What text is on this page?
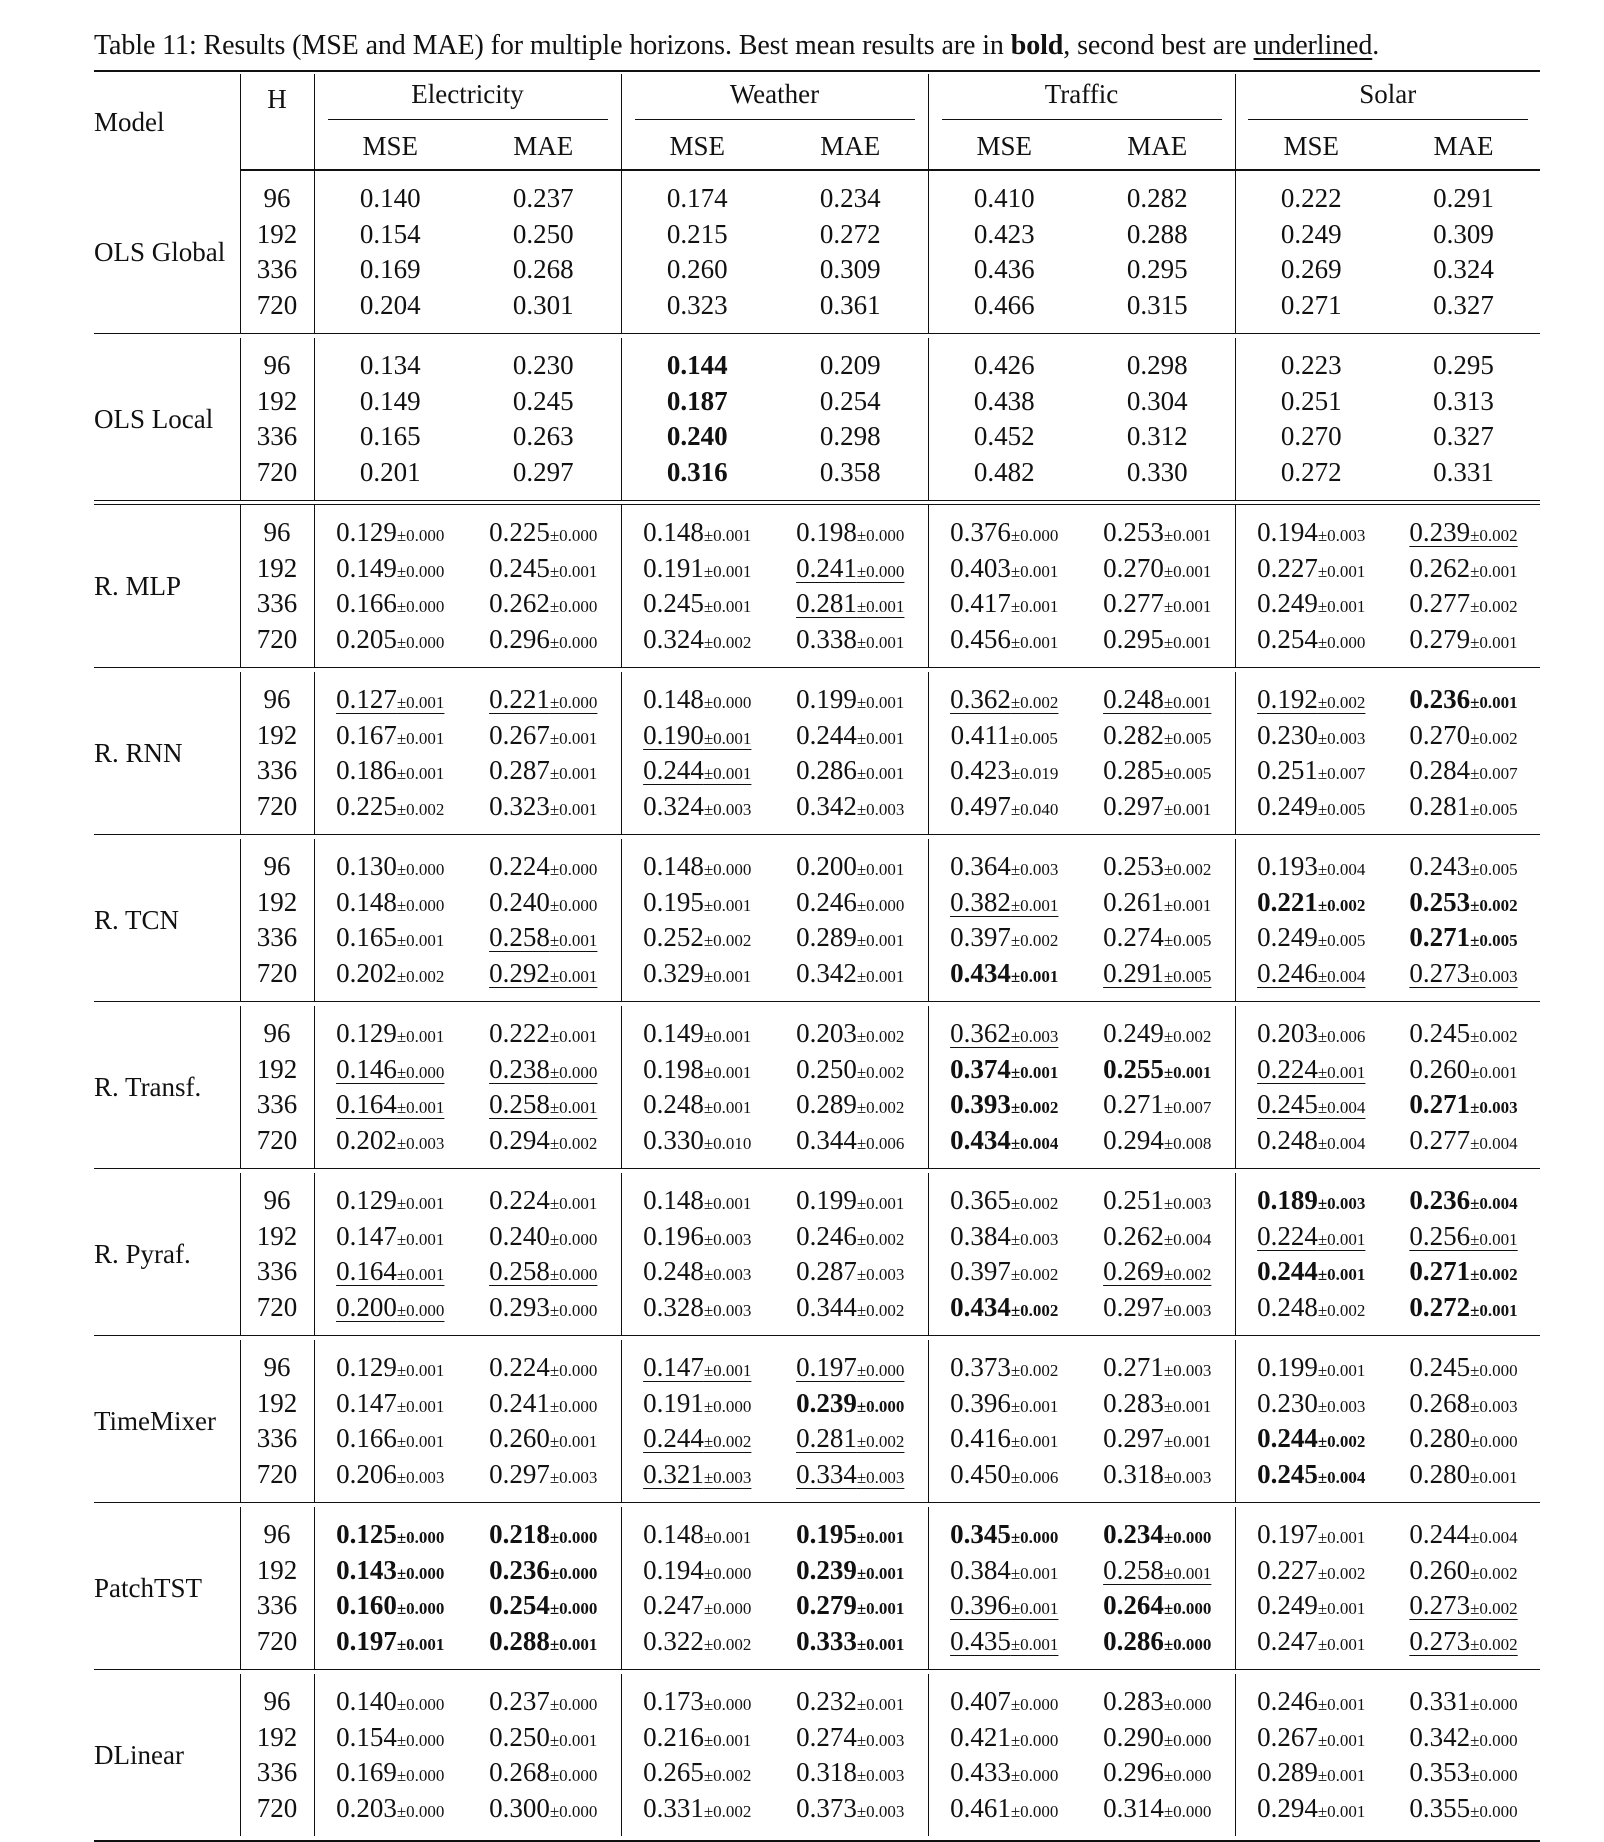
Table 11: Results (MSE and MAE) for multiple horizons. Best mean results are in bold, second best are underlined.

Model	H	Electricity		Weather		Traffic		Solar	
		MSE	MAE	MSE	MAE	MSE	MAE	MSE	MAE

OLS Global	96	0.140	0.237	0.174	0.234	0.410	0.282	0.222	0.291
	192	0.154	0.250	0.215	0.272	0.423	0.288	0.249	0.309
	336	0.169	0.268	0.260	0.309	0.436	0.295	0.269	0.324
	720	0.204	0.301	0.323	0.361	0.466	0.315	0.271	0.327

OLS Local	96	0.134	0.230	0.144	0.209	0.426	0.298	0.223	0.295
	192	0.149	0.245	0.187	0.254	0.438	0.304	0.251	0.313
	336	0.165	0.263	0.240	0.298	0.452	0.312	0.270	0.327
	720	0.201	0.297	0.316	0.358	0.482	0.330	0.272	0.331

R. MLP	96	0.129±0.000	0.225±0.000	0.148±0.001	0.198±0.000	0.376±0.000	0.253±0.001	0.194±0.003	0.239±0.002
	192	0.149±0.000	0.245±0.001	0.191±0.001	0.241±0.000	0.403±0.001	0.270±0.001	0.227±0.001	0.262±0.001
	336	0.166±0.000	0.262±0.000	0.245±0.001	0.281±0.001	0.417±0.001	0.277±0.001	0.249±0.001	0.277±0.002
	720	0.205±0.000	0.296±0.000	0.324±0.002	0.338±0.001	0.456±0.001	0.295±0.001	0.254±0.000	0.279±0.001

R. RNN	96	0.127±0.001	0.221±0.000	0.148±0.000	0.199±0.001	0.362±0.002	0.248±0.001	0.192±0.002	0.236±0.001
	192	0.167±0.001	0.267±0.001	0.190±0.001	0.244±0.001	0.411±0.005	0.282±0.005	0.230±0.003	0.270±0.002
	336	0.186±0.001	0.287±0.001	0.244±0.001	0.286±0.001	0.423±0.019	0.285±0.005	0.251±0.007	0.284±0.007
	720	0.225±0.002	0.323±0.001	0.324±0.003	0.342±0.003	0.497±0.040	0.297±0.001	0.249±0.005	0.281±0.005

R. TCN	96	0.130±0.000	0.224±0.000	0.148±0.000	0.200±0.001	0.364±0.003	0.253±0.002	0.193±0.004	0.243±0.005
	192	0.148±0.000	0.240±0.000	0.195±0.001	0.246±0.000	0.382±0.001	0.261±0.001	0.221±0.002	0.253±0.002
	336	0.165±0.001	0.258±0.001	0.252±0.002	0.289±0.001	0.397±0.002	0.274±0.005	0.249±0.005	0.271±0.005
	720	0.202±0.002	0.292±0.001	0.329±0.001	0.342±0.001	0.434±0.001	0.291±0.005	0.246±0.004	0.273±0.003

R. Transf.	96	0.129±0.001	0.222±0.001	0.149±0.001	0.203±0.002	0.362±0.003	0.249±0.002	0.203±0.006	0.245±0.002
	192	0.146±0.000	0.238±0.000	0.198±0.001	0.250±0.002	0.374±0.001	0.255±0.001	0.224±0.001	0.260±0.001
	336	0.164±0.001	0.258±0.001	0.248±0.001	0.289±0.002	0.393±0.002	0.271±0.007	0.245±0.004	0.271±0.003
	720	0.202±0.003	0.294±0.002	0.330±0.010	0.344±0.006	0.434±0.004	0.294±0.008	0.248±0.004	0.277±0.004

R. Pyraf.	96	0.129±0.001	0.224±0.001	0.148±0.001	0.199±0.001	0.365±0.002	0.251±0.003	0.189±0.003	0.236±0.004
	192	0.147±0.001	0.240±0.000	0.196±0.003	0.246±0.002	0.384±0.003	0.262±0.004	0.224±0.001	0.256±0.001
	336	0.164±0.001	0.258±0.000	0.248±0.003	0.287±0.003	0.397±0.002	0.269±0.002	0.244±0.001	0.271±0.002
	720	0.200±0.000	0.293±0.000	0.328±0.003	0.344±0.002	0.434±0.002	0.297±0.003	0.248±0.002	0.272±0.001

TimeMixer	96	0.129±0.001	0.224±0.000	0.147±0.001	0.197±0.000	0.373±0.002	0.271±0.003	0.199±0.001	0.245±0.000
	192	0.147±0.001	0.241±0.000	0.191±0.000	0.239±0.000	0.396±0.001	0.283±0.001	0.230±0.003	0.268±0.003
	336	0.166±0.001	0.260±0.001	0.244±0.002	0.281±0.002	0.416±0.001	0.297±0.001	0.244±0.002	0.280±0.000
	720	0.206±0.003	0.297±0.003	0.321±0.003	0.334±0.003	0.450±0.006	0.318±0.003	0.245±0.004	0.280±0.001

PatchTST	96	0.125±0.000	0.218±0.000	0.148±0.001	0.195±0.001	0.345±0.000	0.234±0.000	0.197±0.001	0.244±0.004
	192	0.143±0.000	0.236±0.000	0.194±0.000	0.239±0.001	0.384±0.001	0.258±0.001	0.227±0.002	0.260±0.002
	336	0.160±0.000	0.254±0.000	0.247±0.000	0.279±0.001	0.396±0.001	0.264±0.000	0.249±0.001	0.273±0.002
	720	0.197±0.001	0.288±0.001	0.322±0.002	0.333±0.001	0.435±0.001	0.286±0.000	0.247±0.001	0.273±0.002

DLinear	96	0.140±0.000	0.237±0.000	0.173±0.000	0.232±0.001	0.407±0.000	0.283±0.000	0.246±0.001	0.331±0.000
	192	0.154±0.000	0.250±0.001	0.216±0.001	0.274±0.003	0.421±0.000	0.290±0.000	0.267±0.001	0.342±0.000
	336	0.169±0.000	0.268±0.000	0.265±0.002	0.318±0.003	0.433±0.000	0.296±0.000	0.289±0.001	0.353±0.000
	720	0.203±0.000	0.300±0.000	0.331±0.002	0.373±0.003	0.461±0.000	0.314±0.000	0.294±0.001	0.355±0.000
